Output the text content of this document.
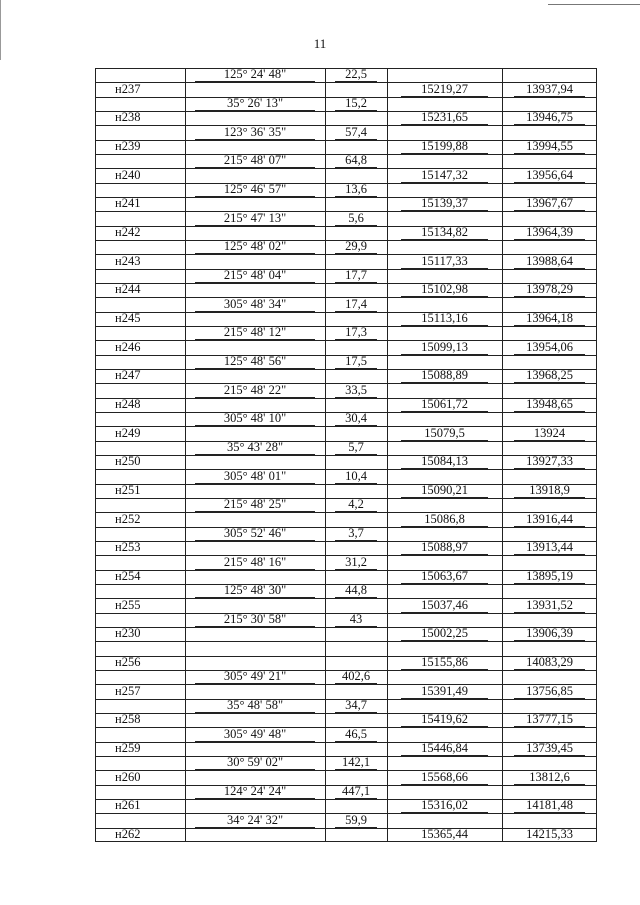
11
125° 24' 48"	22,5
н237	15219,27	13937,94
35° 26' 13"	15,2
н238	15231,65	13946,75
123° 36' 35"	57,4
н239	15199,88	13994,55
215° 48' 07"	64,8
н240	15147,32	13956,64
125° 46' 57"	13,6
н241	15139,37	13967,67
215° 47' 13"	5,6
н242	15134,82	13964,39
125° 48' 02"	29,9
н243	15117,33	13988,64
215° 48' 04"	17,7
н244	15102,98	13978,29
305° 48' 34"	17,4
н245	15113,16	13964,18
215° 48' 12"	17,3
н246	15099,13	13954,06
125° 48' 56"	17,5
н247	15088,89	13968,25
215° 48' 22"	33,5
н248	15061,72	13948,65
305° 48' 10"	30,4
н249	15079,5	13924
35° 43' 28"	5,7
н250	15084,13	13927,33
305° 48' 01"	10,4
н251	15090,21	13918,9
215° 48' 25"	4,2
н252	15086,8	13916,44
305° 52' 46"	3,7
н253	15088,97	13913,44
215° 48' 16"	31,2
н254	15063,67	13895,19
125° 48' 30"	44,8
н255	15037,46	13931,52
215° 30' 58"	43
н230	15002,25	13906,39
н256	15155,86	14083,29
305° 49' 21"	402,6
н257	15391,49	13756,85
35° 48' 58"	34,7
н258	15419,62	13777,15
305° 49' 48"	46,5
н259	15446,84	13739,45
30° 59' 02"	142,1
н260	15568,66	13812,6
124° 24' 24"	447,1
н261	15316,02	14181,48
34° 24' 32"	59,9
н262	15365,44	14215,33
